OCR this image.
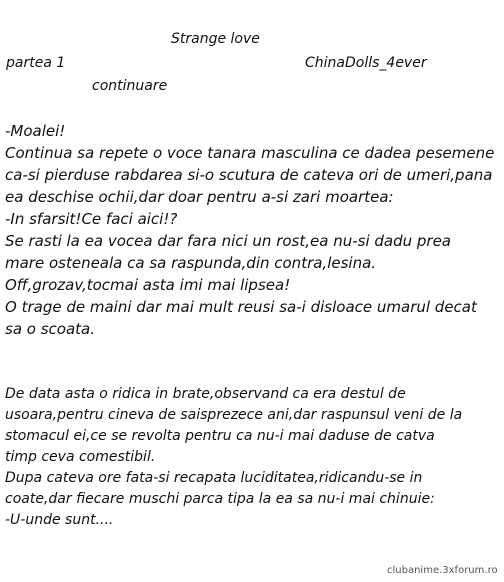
Strange love

partea 1	ChinaDolls_4ever

continuare

-Moalei!
Continua sa repete o voce tanara masculina ce dadea pesemene
ca-si pierduse rabdarea si-o scutura de cateva ori de umeri,pana
ea deschise ochii,dar doar pentru a-si zari moartea:
-In sfarsit!Ce faci aici!?
Se rasti la ea vocea dar fara nici un rost,ea nu-si dadu prea
mare osteneala ca sa raspunda,din contra,lesina.
Off,grozav,tocmai asta imi mai lipsea!
O trage de maini dar mai mult reusi sa-i disloace umarul decat
sa o scoata.
De data asta o ridica in brate,observand ca era destul de
usoara,pentru cineva de saisprezece ani,dar raspunsul veni de la
stomacul ei,ce se revolta pentru ca nu-i mai daduse de catva
timp ceva comestibil.
Dupa cateva ore fata-si recapata luciditatea,ridicandu-se in
coate,dar fiecare muschi parca tipa la ea sa nu-i mai chinuie:
-U-unde sunt....

clubanime.3xforum.ro
